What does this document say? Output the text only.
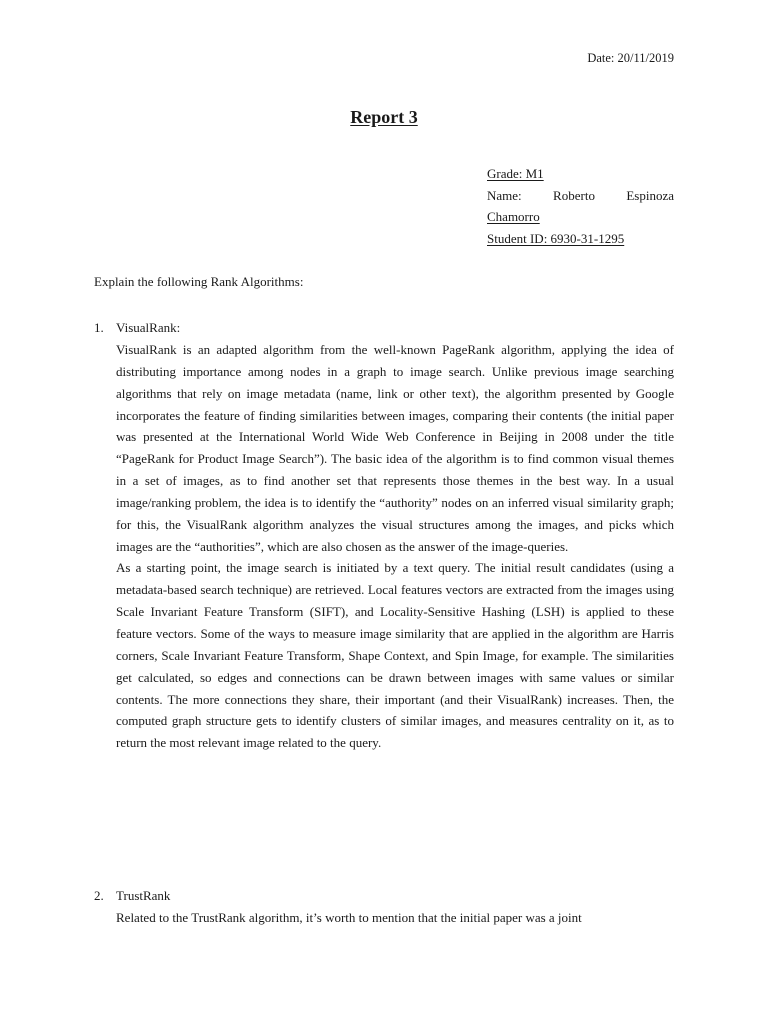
Date: 20/11/2019
Report 3
Grade: M1
Name: Roberto Espinoza
Chamorro
Student ID: 6930-31-1295
Explain the following Rank Algorithms:
1. VisualRank:

VisualRank is an adapted algorithm from the well-known PageRank algorithm, applying the idea of distributing importance among nodes in a graph to image search. Unlike previous image searching algorithms that rely on image metadata (name, link or other text), the algorithm presented by Google incorporates the feature of finding similarities between images, comparing their contents (the initial paper was presented at the International World Wide Web Conference in Beijing in 2008 under the title “PageRank for Product Image Search”). The basic idea of the algorithm is to find common visual themes in a set of images, as to find another set that represents those themes in the best way. In a usual image/ranking problem, the idea is to identify the “authority” nodes on an inferred visual similarity graph; for this, the VisualRank algorithm analyzes the visual structures among the images, and picks which images are the “authorities”, which are also chosen as the answer of the image-queries.

As a starting point, the image search is initiated by a text query. The initial result candidates (using a metadata-based search technique) are retrieved. Local features vectors are extracted from the images using Scale Invariant Feature Transform (SIFT), and Locality-Sensitive Hashing (LSH) is applied to these feature vectors. Some of the ways to measure image similarity that are applied in the algorithm are Harris corners, Scale Invariant Feature Transform, Shape Context, and Spin Image, for example. The similarities get calculated, so edges and connections can be drawn between images with same values or similar contents. The more connections they share, their important (and their VisualRank) increases. Then, the computed graph structure gets to identify clusters of similar images, and measures centrality on it, as to return the most relevant image related to the query.

2. TrustRank

Related to the TrustRank algorithm, it’s worth to mention that the initial paper was a joint
